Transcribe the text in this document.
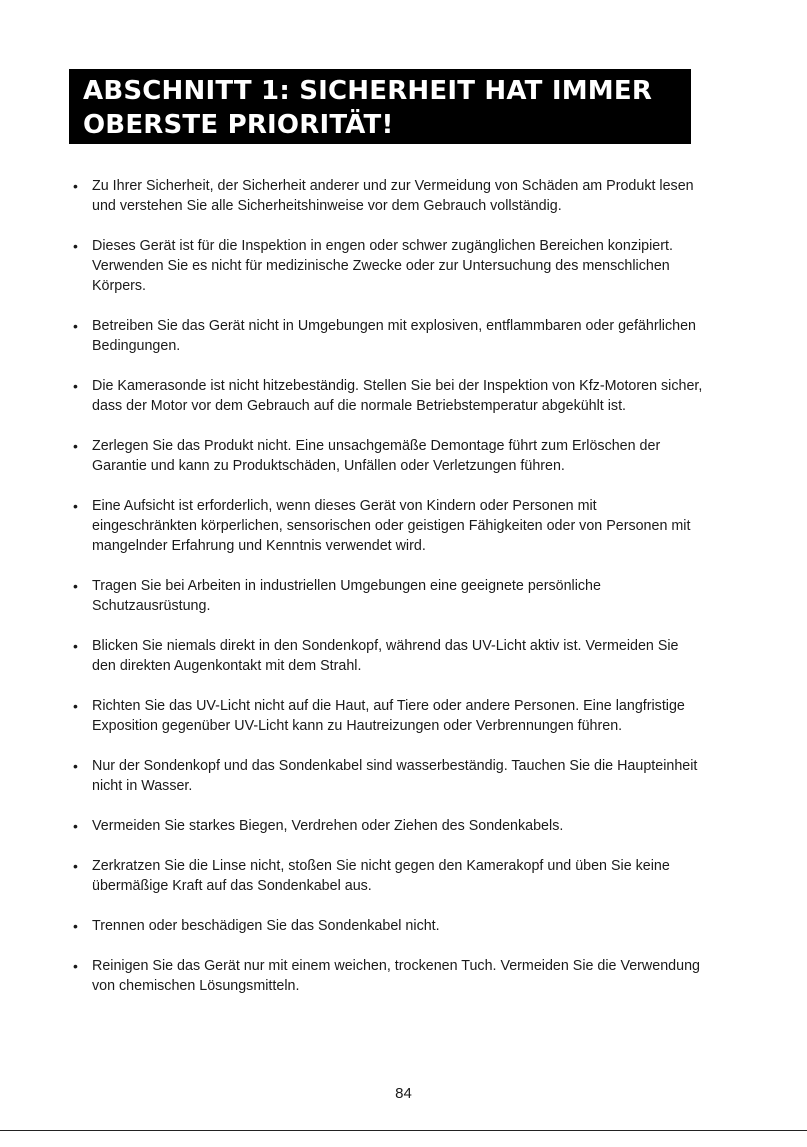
ABSCHNITT 1: SICHERHEIT HAT IMMER
OBERSTE PRIORITÄT!
• Zu Ihrer Sicherheit, der Sicherheit anderer und zur Vermeidung von Schäden am Produkt lesen und verstehen Sie alle Sicherheitshinweise vor dem Gebrauch vollständig.
• Dieses Gerät ist für die Inspektion in engen oder schwer zugänglichen Bereichen konzipiert. Verwenden Sie es nicht für medizinische Zwecke oder zur Untersuchung des menschlichen Körpers.
• Betreiben Sie das Gerät nicht in Umgebungen mit explosiven, entflammbaren oder gefährlichen Bedingungen.
• Die Kamerasonde ist nicht hitzebeständig. Stellen Sie bei der Inspektion von Kfz-Motoren sicher, dass der Motor vor dem Gebrauch auf die normale Betriebstemperatur abgekühlt ist.
• Zerlegen Sie das Produkt nicht. Eine unsachgemäße Demontage führt zum Erlöschen der Garantie und kann zu Produktschäden, Unfällen oder Verletzungen führen.
• Eine Aufsicht ist erforderlich, wenn dieses Gerät von Kindern oder Personen mit eingeschränkten körperlichen, sensorischen oder geistigen Fähigkeiten oder von Personen mit mangelnder Erfahrung und Kenntnis verwendet wird.
• Tragen Sie bei Arbeiten in industriellen Umgebungen eine geeignete persönliche Schutzausrüstung.
• Blicken Sie niemals direkt in den Sondenkopf, während das UV-Licht aktiv ist. Vermeiden Sie den direkten Augenkontakt mit dem Strahl.
• Richten Sie das UV-Licht nicht auf die Haut, auf Tiere oder andere Personen. Eine langfristige Exposition gegenüber UV-Licht kann zu Hautreizungen oder Verbrennungen führen.
• Nur der Sondenkopf und das Sondenkabel sind wasserbeständig. Tauchen Sie die Haupteinheit nicht in Wasser.
• Vermeiden Sie starkes Biegen, Verdrehen oder Ziehen des Sondenkabels.
• Zerkratzen Sie die Linse nicht, stoßen Sie nicht gegen den Kamerakopf und üben Sie keine übermäßige Kraft auf das Sondenkabel aus.
• Trennen oder beschädigen Sie das Sondenkabel nicht.
• Reinigen Sie das Gerät nur mit einem weichen, trockenen Tuch. Vermeiden Sie die Verwendung von chemischen Lösungsmitteln.
84
